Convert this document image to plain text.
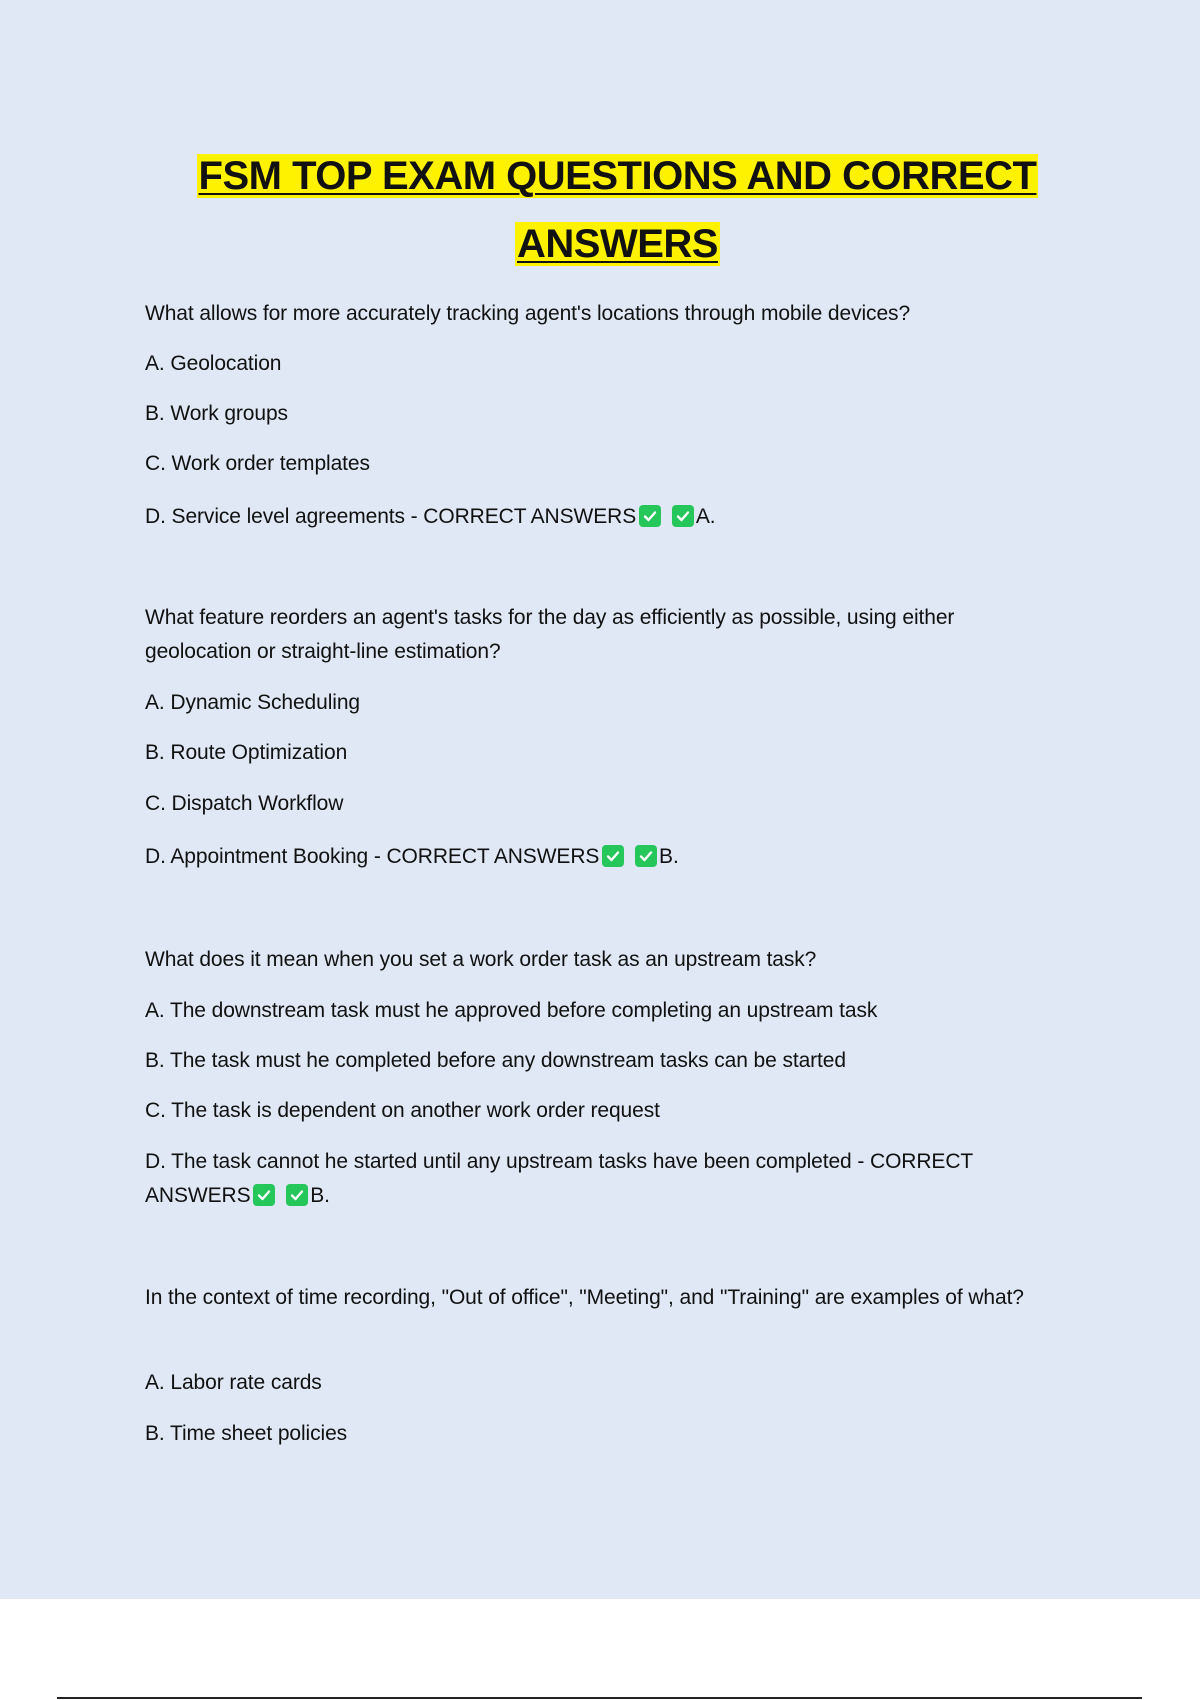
FSM TOP EXAM QUESTIONS AND CORRECT ANSWERS
What allows for more accurately tracking agent's locations through mobile devices?
A. Geolocation
B. Work groups
C. Work order templates
D. Service level agreements - CORRECT ANSWERS
	A.
What feature reorders an agent's tasks for the day as efficiently as possible, using either geolocation or straight-line estimation?
A. Dynamic Scheduling
B. Route Optimization
C. Dispatch Workflow
D. Appointment Booking - CORRECT ANSWERS
	B.
What does it mean when you set a work order task as an upstream task?
A. The downstream task must he approved before completing an upstream task
B. The task must he completed before any downstream tasks can be started
C. The task is dependent on another work order request
D. The task cannot he started until any upstream tasks have been completed - CORRECT ANSWERS
	B.
In the context of time recording, "Out of office", "Meeting", and "Training" are examples of what?
A. Labor rate cards
B. Time sheet policies
